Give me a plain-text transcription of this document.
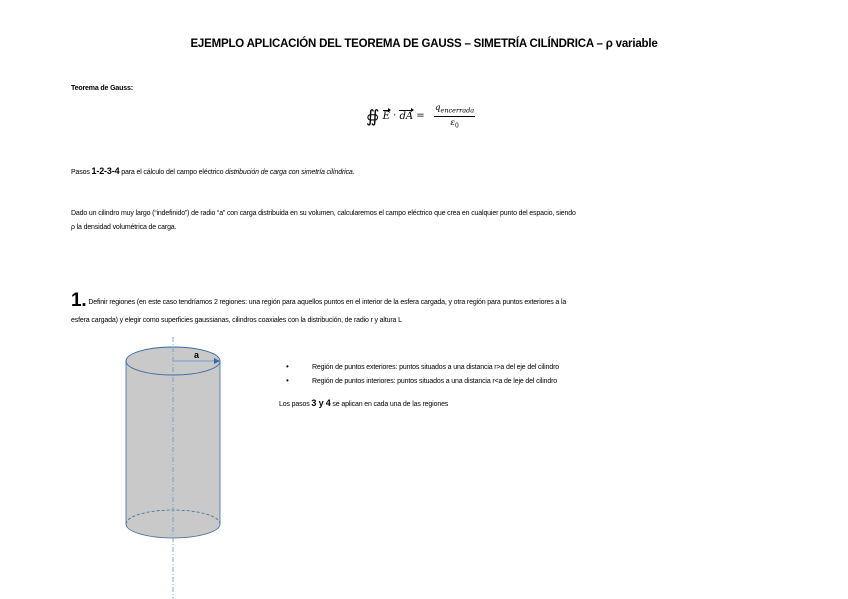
EJEMPLO APLICACIÓN DEL TEOREMA DE GAUSS – SIMETRÍA CILÍNDRICA – ρ variable
Teorema de Gauss:
∯ E · dA = $\frac{q_{encerrada}}{\varepsilon_0}$
Pasos 1-2-3-4 para el cálculo del campo eléctrico distribución de carga con simetría cilíndrica.
Dado un cilindro muy largo (“indefinido”) de radio “a” con carga distribuida en su volumen, calcularemos el campo eléctrico que crea en cualquier punto del espacio, siendo
ρ la densidad volumétrica de carga.
1. Definir regiones (en este caso tendríamos 2 regiones: una región para aquellos puntos en el interior de la esfera cargada, y otra región para puntos exteriores a la
esfera cargada) y elegir como superficies gaussianas, cilindros coaxiales con la distribución, de radio r y altura L
a
•	Región de puntos exteriores: puntos situados a una distancia r>a del eje del cilindro
•	Región de puntos interiores: puntos situados a una distancia r<a de leje del cilindro
Los pasos 3 y 4 se aplican en cada una de las regiones
